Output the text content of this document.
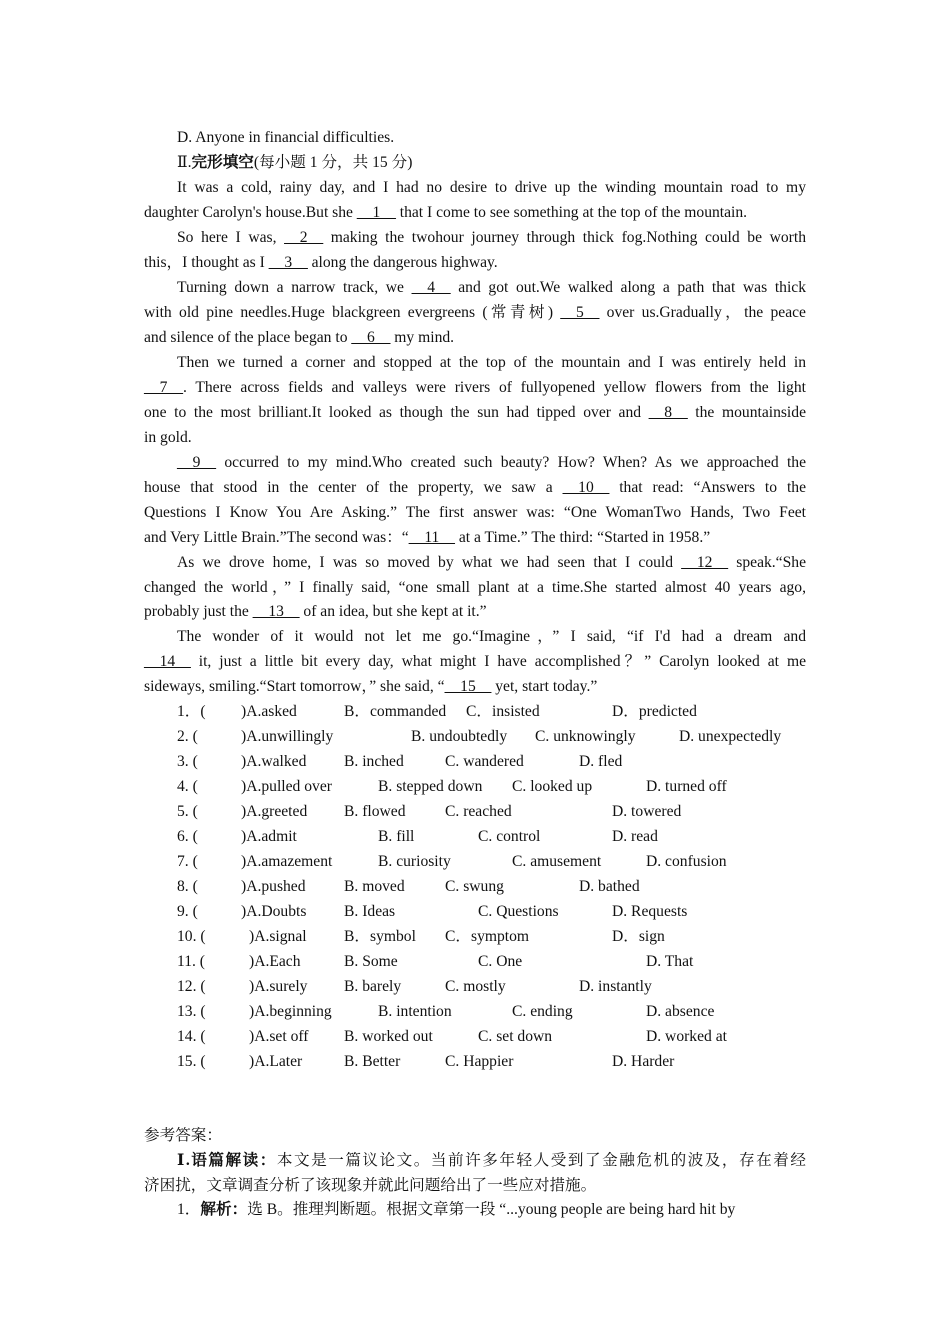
D. Anyone in financial difficulties.
Ⅱ.完形填空(每小题 1 分，共 15 分)
It was a cold, rainy day, and I had no desire to drive up the winding mountain road to my
daughter Carolyn's house.But she __1__ that I come to see something at the top of the mountain.
So here I was, __2__ making the twohour journey through thick fog.Nothing could be worth
this，I thought as I __3__ along the dangerous highway.
Turning down a narrow track, we __4__ and got out.We walked along a path that was thick
with old pine needles.Huge blackgreen evergreens (常青树) __5__ over us.Gradually，the peace
and silence of the place began to __6__ my mind.
Then we turned a corner and stopped at the top of the mountain and I was entirely held in
__7__. There across fields and valleys were rivers of fullyopened yellow flowers from the light
one to the most brilliant.It looked as though the sun had tipped over and __8__ the mountainside
in gold.
__9__ occurred to my mind.Who created such beauty? How? When? As we approached the
house that stood in the center of the property, we saw a __10__ that read: “Answers to the
Questions I Know You Are Asking.” The first answer was: “One WomanTwo Hands, Two Feet
and Very Little Brain.”The second was：“__11__ at a Time.” The third: “Started in 1958.”
As we drove home, I was so moved by what we had seen that I could __12__ speak.“She
changed the world，” I finally said, “one small plant at a time.She started almost 40 years ago,
probably just the __13__ of an idea, but she kept at it.”
The wonder of it would not let me go.“Imagine，” I said, “if I'd had a dream and
__14__ it, just a little bit every day, what might I have accomplished？” Carolyn looked at me
sideways, smiling.“Start tomorrow，” she said, “__15__ yet, start today.”
1．( )A.asked	B．commanded C．insisted	D．predicted
2. (	)A.unwillingly	B. undoubtedly C. unknowingly	D. unexpectedly
3. (	)A.walked B. inched	C. wandered	D. fled
4. (	)A.pulled over	B. stepped down C. looked up	D. turned off
5. (	)A.greeted B. flowed	C. reached	D. towered
6. (	)A.admit	B. fill	C. control	D. read
7. (	)A.amazement	B. curiosity	C. amusement	D. confusion
8. (	)A.pushed B. moved	C. swung	D. bathed
9. (	)A.Doubts B. Ideas	C. Questions	D. Requests
10. (	)A.signal B．symbol C．symptom	D．sign
11. (	)A.Each	B. Some	C. One	D. That
12. (	)A.surely B. barely	C. mostly	D. instantly
13. (	)A.beginning	B. intention	C. ending	D. absence
14. (	)A.set off B. worked out	C. set down	D. worked at
15. (	)A.Later	B. Better	C. Happier	D. Harder
参考答案：
Ⅰ.语篇解读：本文是一篇议论文。当前许多年轻人受到了金融危机的波及，存在着经
济困扰，文章调查分析了该现象并就此问题给出了一些应对措施。
1．解析：选 B。推理判断题。根据文章第一段 “...young people are being hard hit by
